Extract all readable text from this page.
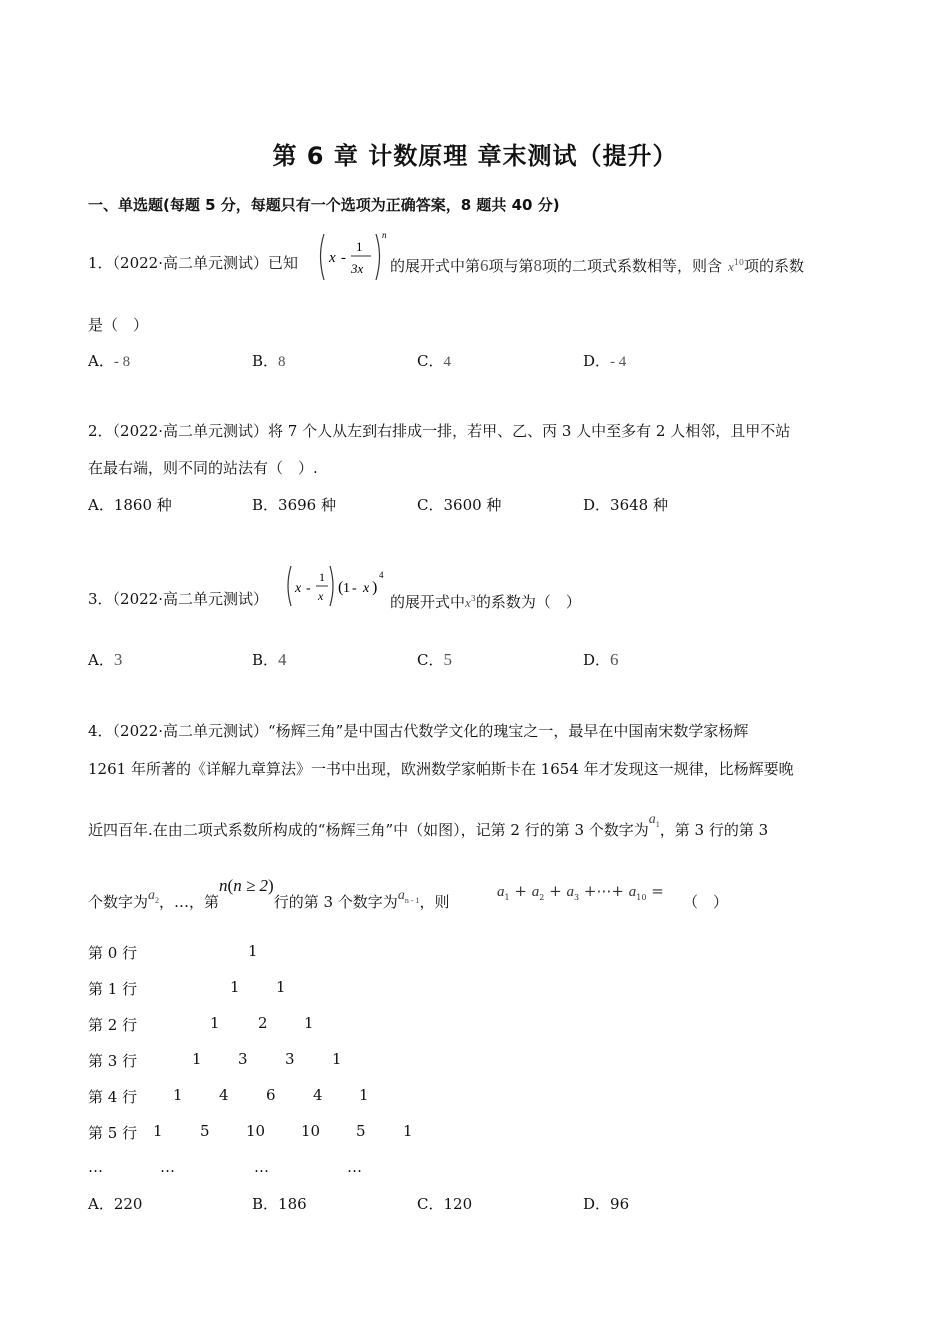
第 6 章 计数原理 章末测试（提升）
一、单选题(每题 5 分，每题只有一个选项为正确答案，8 题共 40 分)
1．（2022·高二单元测试）已知 x -
1
3x
n
的展开式中第6项与第8项的二项式系数相等，则含 $x^{10}$项的系数
是（　）
A．- 8	B．8	C．4	D．- 4
2．（2022·高二单元测试）将 7 个人从左到右排成一排，若甲、乙、丙 3 人中至多有 2 人相邻，且甲不站
在最右端，则不同的站法有（　）.
A．1860 种	B．3696 种	C．3600 种	D．3648 种
3．（2022·高二单元测试）
x -
1
x ( 1 - x )
4
的展开式中$x^3$的系数为（　）
A．3	B．4	C．5	D．6
4．（2022·高二单元测试）“杨辉三角”是中国古代数学文化的瑰宝之一，最早在中国南宋数学家杨辉
1261 年所著的《详解九章算法》一书中出现，欧洲数学家帕斯卡在 1654 年才发现这一规律，比杨辉要晚
近四百年.在由二项式系数所构成的“杨辉三角”中（如图），记第 2 行的第 3 个数字为$a_1$，第 3 行的第 3
个数字为$a_2$，…，第n(n ≥ 2)行的第 3 个数字为$a_{n - 1}$，则
$a_1 + a_2 + a_3$ +⋯+ $a_{10}$ =
（　）
第 0 行	1
第 1 行	1 1
第 2 行	1	2 1
第 3 行	1 3 3 1
第 4 行 1 4 6 4 1
第 5 行 1 5 10 10 5 1
…	…	…	…
A．220	B．186	C．120	D．96
